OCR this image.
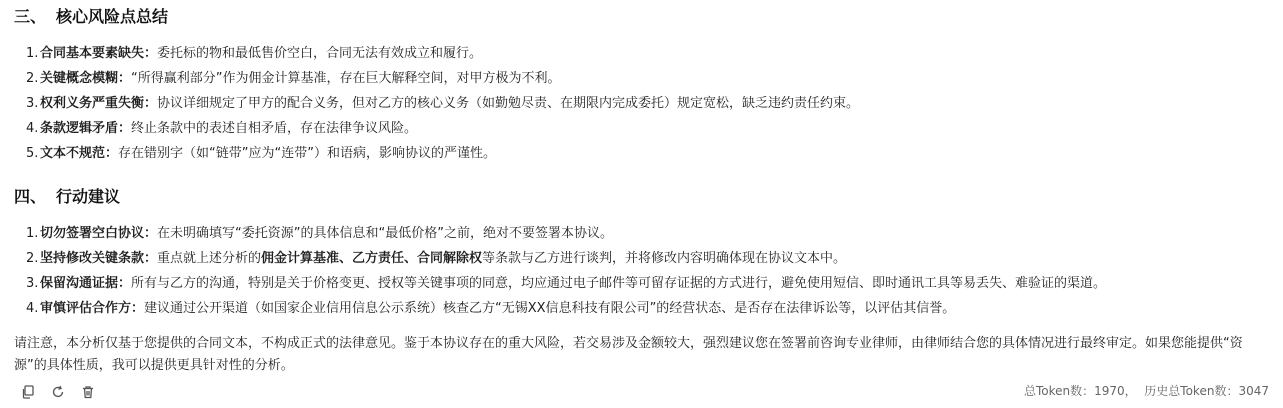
三、 核心风险点总结
1. 合同基本要素缺失：委托标的物和最低售价空白，合同无法有效成立和履行。
2. 关键概念模糊：“所得赢利部分”作为佣金计算基准，存在巨大解释空间，对甲方极为不利。
3. 权利义务严重失衡：协议详细规定了甲方的配合义务，但对乙方的核心义务（如勤勉尽责、在期限内完成委托）规定宽松，缺乏违约责任约束。
4. 条款逻辑矛盾：终止条款中的表述自相矛盾，存在法律争议风险。
5. 文本不规范：存在错别字（如“链带”应为“连带”）和语病，影响协议的严谨性。
四、 行动建议
1. 切勿签署空白协议：在未明确填写“委托资源”的具体信息和“最低价格”之前，绝对不要签署本协议。
2. 坚持修改关键条款：重点就上述分析的佣金计算基准、乙方责任、合同解除权等条款与乙方进行谈判，并将修改内容明确体现在协议文本中。
3. 保留沟通证据：所有与乙方的沟通，特别是关于价格变更、授权等关键事项的同意，均应通过电子邮件等可留存证据的方式进行，避免使用短信、即时通讯工具等易丢失、难验证的渠道。
4. 审慎评估合作方：建议通过公开渠道（如国家企业信用信息公示系统）核查乙方“无锡XX信息科技有限公司”的经营状态、是否存在法律诉讼等，以评估其信誉。

请注意，本分析仅基于您提供的合同文本，不构成正式的法律意见。鉴于本协议存在的重大风险，若交易涉及金额较大，强烈建议您在签署前咨询专业律师，由律师结合您的具体情况进行最终审定。如果您能提供“资源”的具体性质，我可以提供更具针对性的分析。

总Token数：1970，  历史总Token数：3047
